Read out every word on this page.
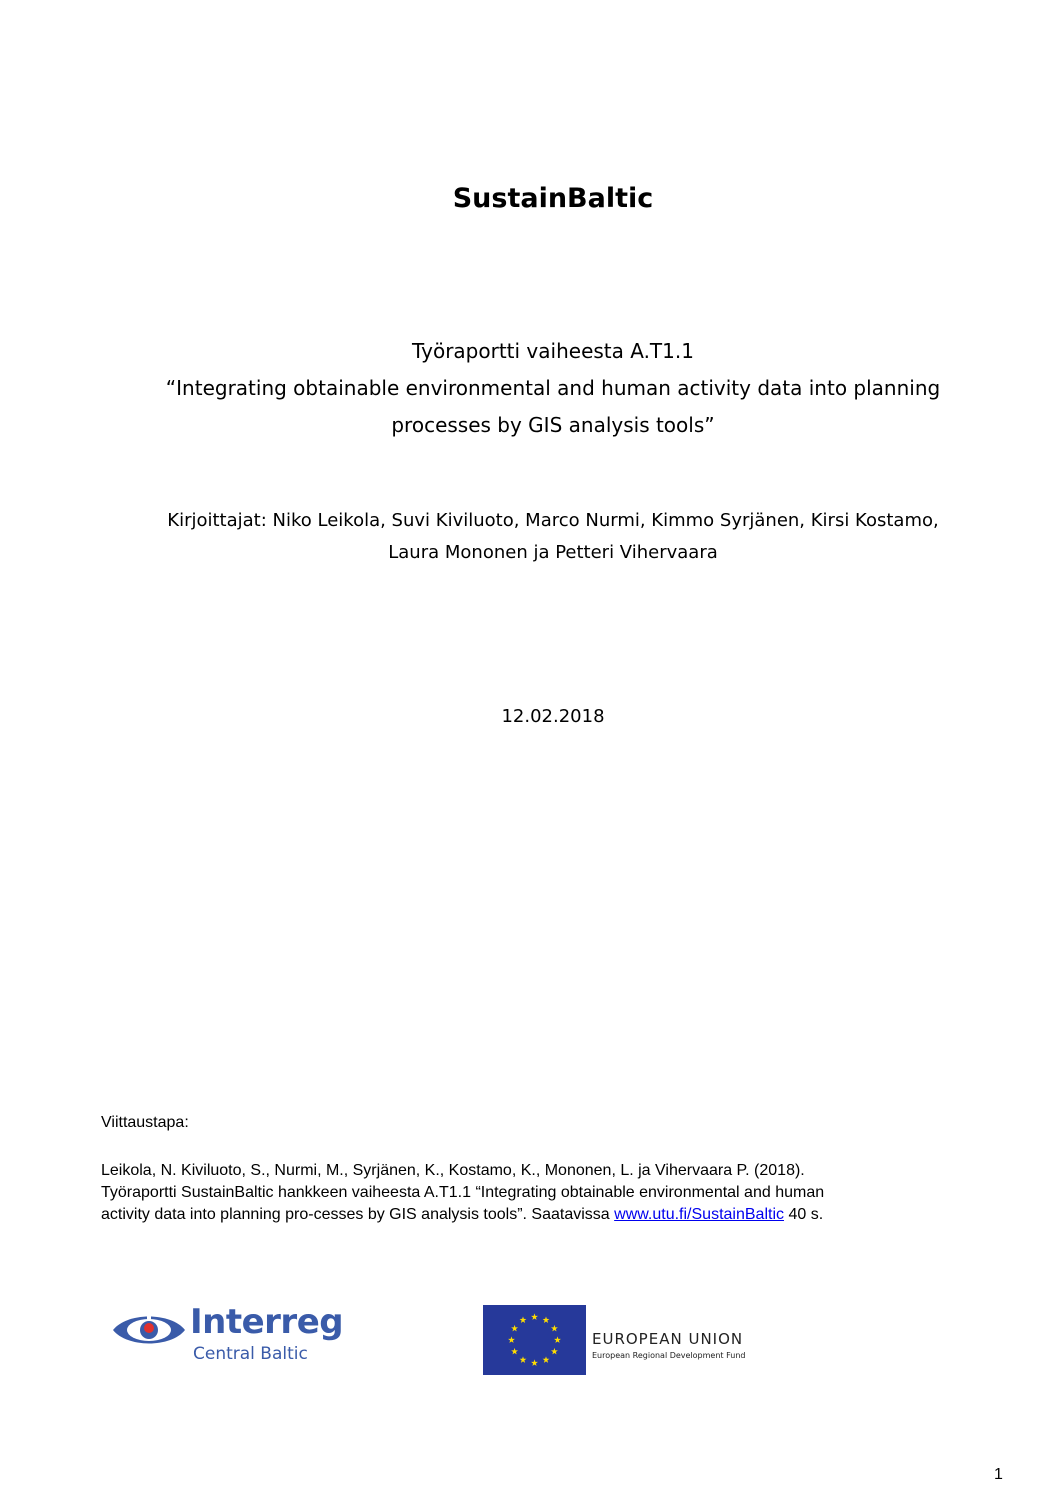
SustainBaltic
Työraportti vaiheesta A.T1.1
“Integrating obtainable environmental and human activity data into planning
processes by GIS analysis tools”
Kirjoittajat: Niko Leikola, Suvi Kiviluoto, Marco Nurmi, Kimmo Syrjänen, Kirsi Kostamo,
Laura Mononen ja Petteri Vihervaara
12.02.2018
Viittaustapa:
Leikola, N. Kiviluoto, S., Nurmi, M., Syrjänen, K., Kostamo, K., Mononen, L. ja Vihervaara P. (2018).
Työraportti SustainBaltic hankkeen vaiheesta A.T1.1 “Integrating obtainable environmental and human
activity data into planning pro-cesses by GIS analysis tools”. Saatavissa www.utu.fi/SustainBaltic 40 s.
Interreg
Central Baltic
EUROPEAN UNION
European Regional Development Fund
1
